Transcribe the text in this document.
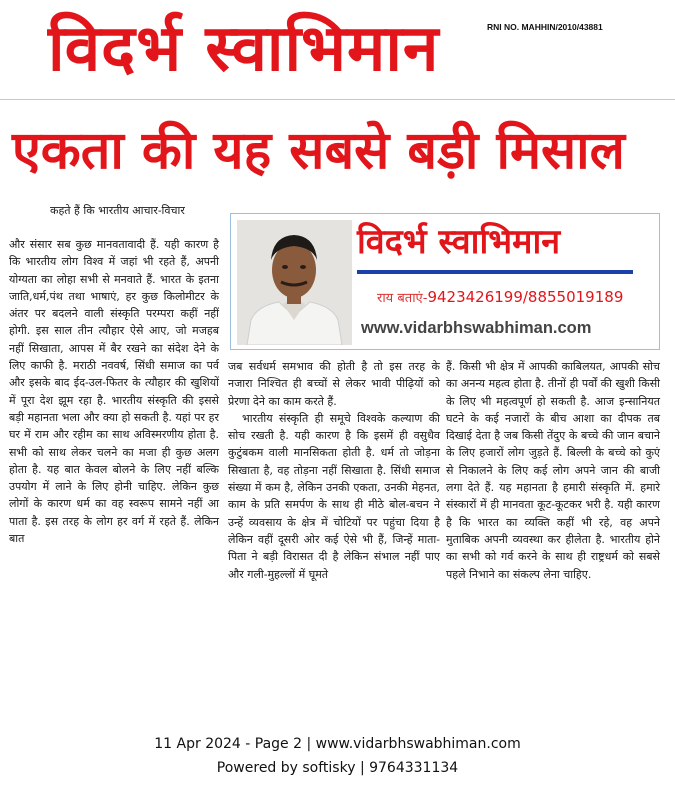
विदर्भ स्वाभिमान	RNI NO. MAHHIN/2010/43881
एकता की यह सबसे बड़ी मिसाल

कहते हैं कि भारतीय आचार-विचार

और संसार सब कुछ मानवतावादी हैं. यही कारण है कि भारतीय लोग विश्व में जहां भी रहते हैं, अपनी योग्यता का लोहा सभी से मनवाते हैं. भारत के इतना जाति,धर्म,पंथ तथा भाषाएं, हर कुछ किलोमीटर के अंतर पर बदलने वाली संस्कृति परम्परा कहीं नहीं होगी. इस साल तीन त्यौहार ऐसे आए, जो मजहब नहीं सिखाता, आपस में बैर रखने का संदेश देने के लिए काफी है. मराठी नववर्ष, सिंधी समाज का पर्व और इसके बाद ईद-उल-फितर के त्यौहार की खुशियों में पूरा देश झूम रहा है. भारतीय संस्कृति की इससे बड़ी महानता भला और क्या हो सकती है. यहां पर हर घर में राम और रहीम का साथ अविस्मरणीय होता है. सभी को साथ लेकर चलने का मजा ही कुछ अलग होता है. यह बात केवल बोलने के लिए नहीं बल्कि उपयोग में लाने के लिए होनी चाहिए. लेकिन कुछ लोगों के कारण धर्म का वह स्वरूप सामने नहीं आ पाता है. इस तरह के लोग हर वर्ग में रहते हैं. लेकिन बात

विदर्भ स्वाभिमान
राय बताएं-9423426199/8855019189
www.vidarbhswabhiman.com

जब सर्वधर्म समभाव की होती है तो इस तरह के नजारा निश्चित ही बच्चों से लेकर भावी पीढ़ियों को प्रेरणा देने का काम करते हैं.

भारतीय संस्कृति ही समूचे विश्वके कल्याण की सोच रखती है. यही कारण है कि इसमें ही वसुधैव कुटुंबकम वाली मानसिकता होती है. धर्म तो जोड़ना सिखाता है, वह तोड़ना नहीं सिखाता है. सिंधी समाज संख्या में कम है, लेकिन उनकी एकता, उनकी मेहनत, काम के प्रति समर्पण के साथ ही मीठे बोल-बचन ने उन्हें व्यवसाय के क्षेत्र में चोटियों पर पहुंचा दिया है लेकिन वहीं दूसरी ओर कई ऐसे भी हैं, जिन्हें माता-पिता ने बड़ी विरासत दी है लेकिन संभाल नहीं पाए और गली-मुहल्लों में घूमते

हैं. किसी भी क्षेत्र में आपकी काबिलयत, आपकी सोच का अनन्य महत्व होता है. तीनों ही पर्वों की खुशी किसी के लिए भी महत्वपूर्ण हो सकती है. आज इन्सानियत घटने के कई नजारों के बीच आशा का दीपक तब दिखाई देता है जब किसी तेंदुए के बच्चे की जान बचाने के लिए हजारों लोग जुड़ते हैं. बिल्ली के बच्चे को कुएं से निकालने के लिए कई लोग अपने जान की बाजी लगा देते हैं. यह महानता है हमारी संस्कृति में. हमारे संस्कारों में ही मानवता कूट-कूटकर भरी है. यही कारण है कि भारत का व्यक्ति कहीं भी रहे, वह अपने मुताबिक अपनी व्यवस्था कर हीलेता है. भारतीय होने का सभी को गर्व करने के साथ ही राष्ट्रधर्म को सबसे पहले निभाने का संकल्प लेना चाहिए.

11 Apr 2024 - Page 2 | www.vidarbhswabhiman.com
Powered by softisky | 9764331134
